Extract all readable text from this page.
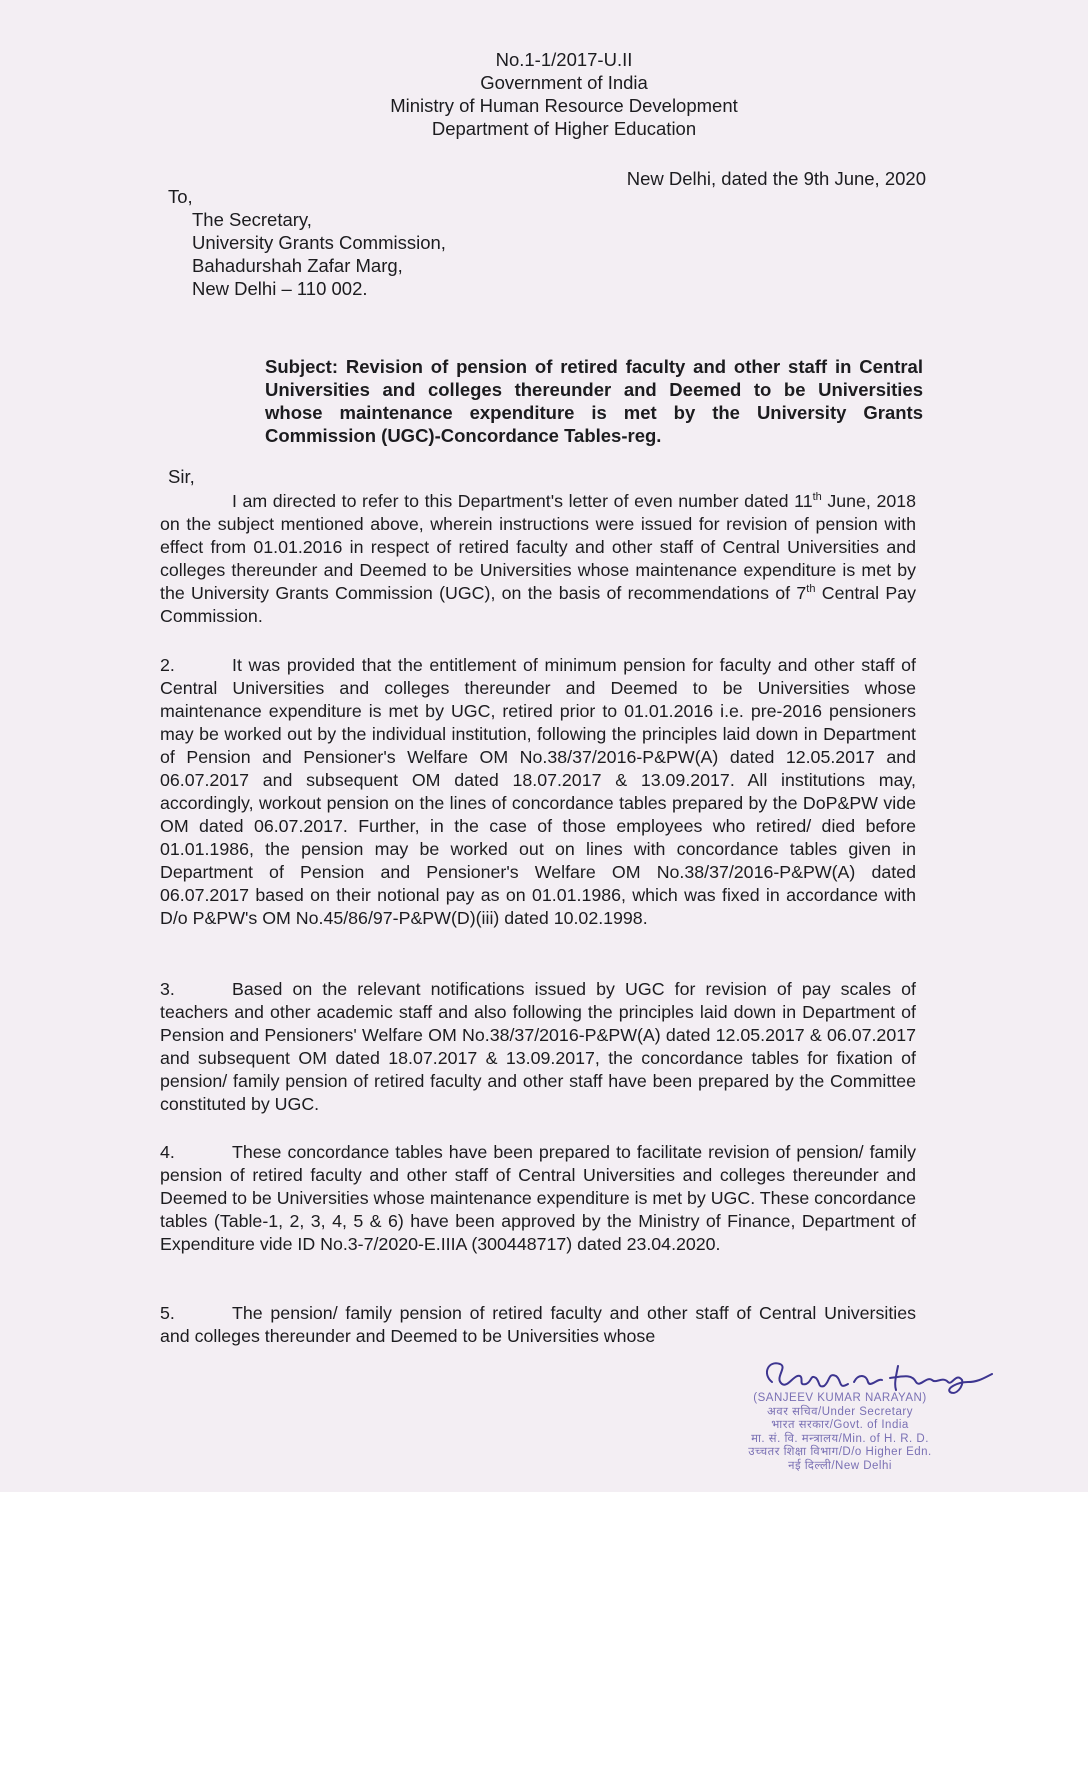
No.1-1/2017-U.II
Government of India
Ministry of Human Resource Development
Department of Higher Education
New Delhi, dated the 9th June, 2020
To,
The Secretary,
University Grants Commission,
Bahadurshah Zafar Marg,
New Delhi – 110 002.
Subject: Revision of pension of retired faculty and other staff in Central Universities and colleges thereunder and Deemed to be Universities whose maintenance expenditure is met by the University Grants Commission (UGC)-Concordance Tables-reg.
Sir,
I am directed to refer to this Department's letter of even number dated 11th June, 2018 on the subject mentioned above, wherein instructions were issued for revision of pension with effect from 01.01.2016 in respect of retired faculty and other staff of Central Universities and colleges thereunder and Deemed to be Universities whose maintenance expenditure is met by the University Grants Commission (UGC), on the basis of recommendations of 7th Central Pay Commission.
2.	It was provided that the entitlement of minimum pension for faculty and other staff of Central Universities and colleges thereunder and Deemed to be Universities whose maintenance expenditure is met by UGC, retired prior to 01.01.2016 i.e. pre-2016 pensioners may be worked out by the individual institution, following the principles laid down in Department of Pension and Pensioner's Welfare OM No.38/37/2016-P&PW(A) dated 12.05.2017 and 06.07.2017 and subsequent OM dated 18.07.2017 & 13.09.2017. All institutions may, accordingly, workout pension on the lines of concordance tables prepared by the DoP&PW vide OM dated 06.07.2017. Further, in the case of those employees who retired/ died before 01.01.1986, the pension may be worked out on lines with concordance tables given in Department of Pension and Pensioner's Welfare OM No.38/37/2016-P&PW(A) dated 06.07.2017 based on their notional pay as on 01.01.1986, which was fixed in accordance with D/o P&PW's OM No.45/86/97-P&PW(D)(iii) dated 10.02.1998.
3.	Based on the relevant notifications issued by UGC for revision of pay scales of teachers and other academic staff and also following the principles laid down in Department of Pension and Pensioners' Welfare OM No.38/37/2016-P&PW(A) dated 12.05.2017 & 06.07.2017 and subsequent OM dated 18.07.2017 & 13.09.2017, the concordance tables for fixation of pension/ family pension of retired faculty and other staff have been prepared by the Committee constituted by UGC.
4.	These concordance tables have been prepared to facilitate revision of pension/ family pension of retired faculty and other staff of Central Universities and colleges thereunder and Deemed to be Universities whose maintenance expenditure is met by UGC. These concordance tables (Table-1, 2, 3, 4, 5 & 6) have been approved by the Ministry of Finance, Department of Expenditure vide ID No.3-7/2020-E.IIIA (300448717) dated 23.04.2020.
5.	The pension/ family pension of retired faculty and other staff of Central Universities and colleges thereunder and Deemed to be Universities whose
(SANJEEV KUMAR NARAYAN)
अवर सचिव/Under Secretary
भारत सरकार/Govt. of India
मा. सं. वि. मन्त्रालय/Min. of H. R. D.
उच्चतर शिक्षा विभाग/D/o Higher Edn.
नई दिल्ली/New Delhi
